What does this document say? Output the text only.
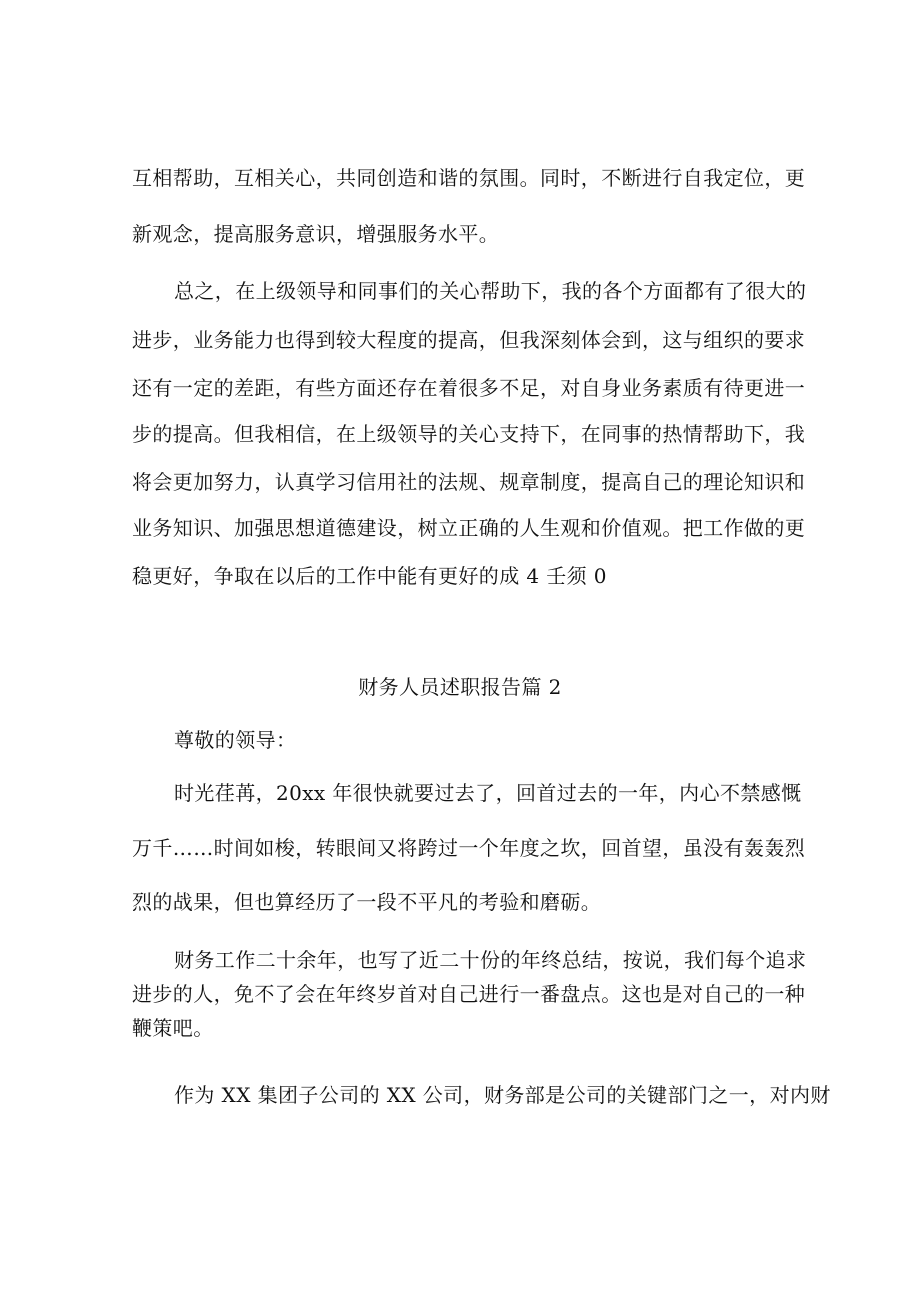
互相帮助，互相关心，共同创造和谐的氛围。同时，不断进行自我定位，更
新观念，提高服务意识，增强服务水平。
总之，在上级领导和同事们的关心帮助下，我的各个方面都有了很大的
进步，业务能力也得到较大程度的提高，但我深刻体会到，这与组织的要求
还有一定的差距，有些方面还存在着很多不足，对自身业务素质有待更进一
步的提高。但我相信，在上级领导的关心支持下，在同事的热情帮助下，我
将会更加努力，认真学习信用社的法规、规章制度，提高自己的理论知识和
业务知识、加强思想道德建设，树立正确的人生观和价值观。把工作做的更
稳更好，争取在以后的工作中能有更好的成 4 壬须 0
财务人员述职报告篇 2
尊敬的领导：
时光荏苒，20xx 年很快就要过去了，回首过去的一年，内心不禁感慨
万千……时间如梭，转眼间又将跨过一个年度之坎，回首望，虽没有轰轰烈
烈的战果，但也算经历了一段不平凡的考验和磨砺。
财务工作二十余年，也写了近二十份的年终总结，按说，我们每个追求
进步的人，免不了会在年终岁首对自己进行一番盘点。这也是对自己的一种
鞭策吧。
作为 XX 集团子公司的 XX 公司，财务部是公司的关键部门之一，对内财
